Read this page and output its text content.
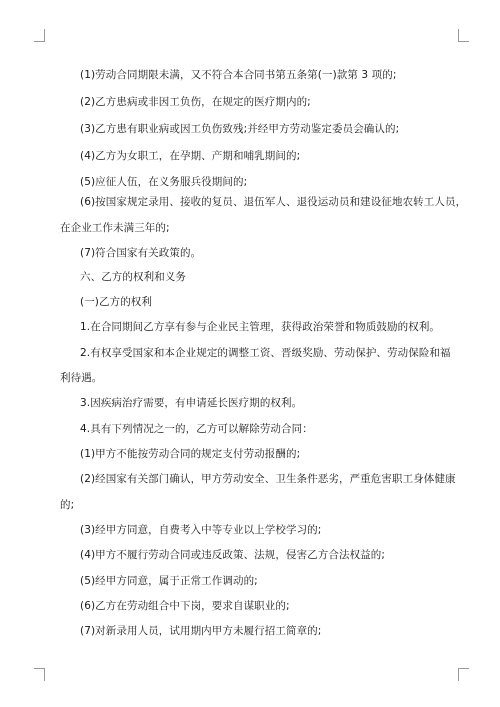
(1)劳动合同期限未满，又不符合本合同书第五条第(一)款第 3 项的;
(2)乙方患病或非因工负伤，在规定的医疗期内的;
(3)乙方患有职业病或因工负伤致残;并经甲方劳动鉴定委员会确认的;
(4)乙方为女职工，在孕期、产期和哺乳期间的;
(5)应征人伍，在义务服兵役期间的;
(6)按国家规定录用、接收的复员、退伍军人、退役运动员和建设征地农转工人员，
在企业工作未满三年的;
(7)符合国家有关政策的。
六、乙方的权利和义务
(一)乙方的权利
1.在合同期间乙方享有参与企业民主管理，获得政治荣誉和物质鼓励的权利。
2.有权享受国家和本企业规定的调整工资、晋级奖励、劳动保护、劳动保险和福
利待遇。
3.因疾病治疗需要，有申请延长医疗期的权利。
4.具有下列情况之一的，乙方可以解除劳动合同：
(1)甲方不能按劳动合同的规定支付劳动报酬的;
(2)经国家有关部门确认，甲方劳动安全、卫生条件恶劣，严重危害职工身体健康
的;
(3)经甲方同意，自费考入中等专业以上学校学习的;
(4)甲方不履行劳动合同或违反政策、法规，侵害乙方合法权益的;
(5)经甲方同意，属于正常工作调动的;
(6)乙方在劳动组合中下岗，要求自谋职业的;
(7)对新录用人员，试用期内甲方未履行招工简章的;
